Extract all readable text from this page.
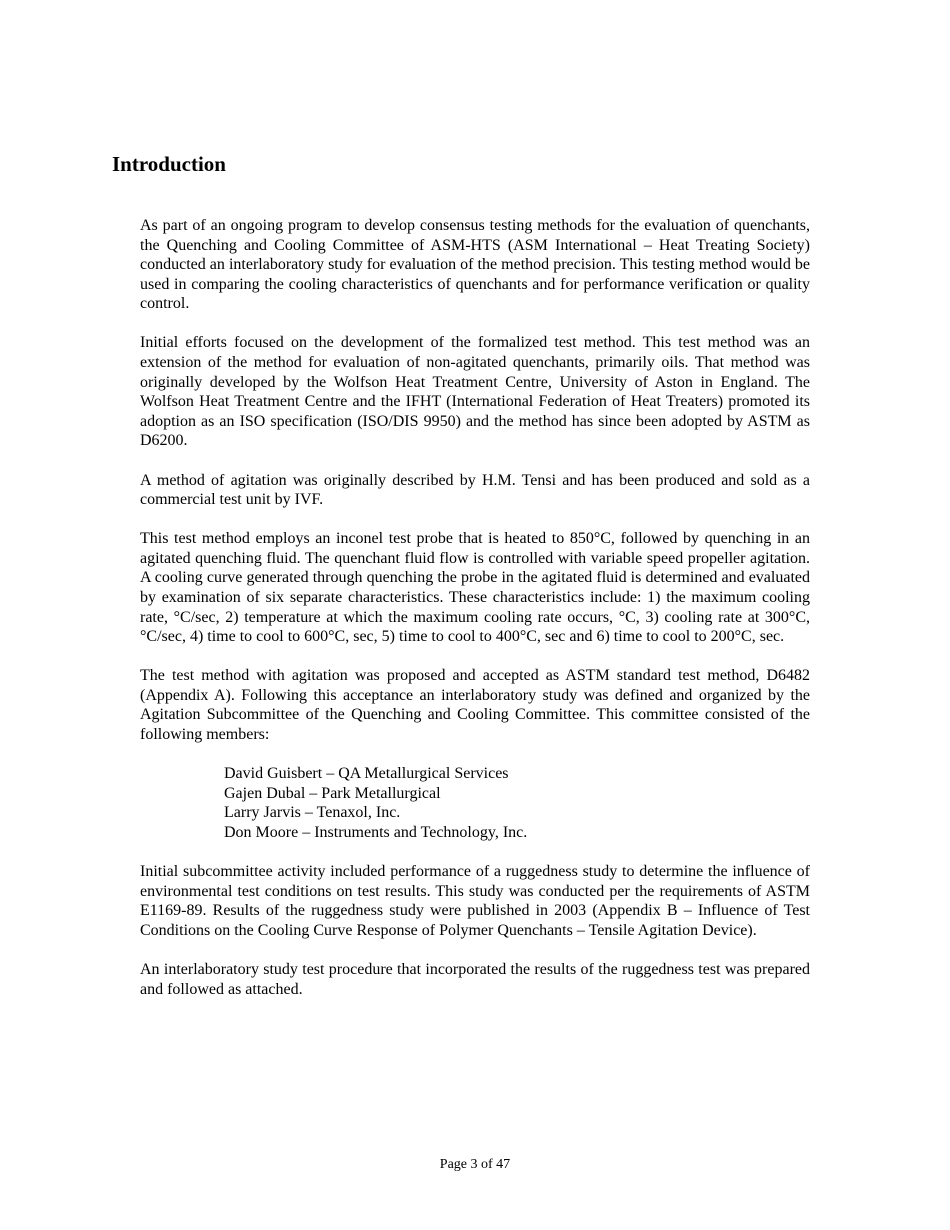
Introduction

As part of an ongoing program to develop consensus testing methods for the evaluation of quenchants, the Quenching and Cooling Committee of ASM-HTS (ASM International – Heat Treating Society) conducted an interlaboratory study for evaluation of the method precision. This testing method would be used in comparing the cooling characteristics of quenchants and for performance verification or quality control.

Initial efforts focused on the development of the formalized test method. This test method was an extension of the method for evaluation of non-agitated quenchants, primarily oils. That method was originally developed by the Wolfson Heat Treatment Centre, University of Aston in England. The Wolfson Heat Treatment Centre and the IFHT (International Federation of Heat Treaters) promoted its adoption as an ISO specification (ISO/DIS 9950) and the method has since been adopted by ASTM as D6200.

A method of agitation was originally described by H.M. Tensi and has been produced and sold as a commercial test unit by IVF.

This test method employs an inconel test probe that is heated to 850°C, followed by quenching in an agitated quenching fluid. The quenchant fluid flow is controlled with variable speed propeller agitation. A cooling curve generated through quenching the probe in the agitated fluid is determined and evaluated by examination of six separate characteristics. These characteristics include: 1) the maximum cooling rate, °C/sec, 2) temperature at which the maximum cooling rate occurs, °C, 3) cooling rate at 300°C, °C/sec, 4) time to cool to 600°C, sec, 5) time to cool to 400°C, sec and 6) time to cool to 200°C, sec.

The test method with agitation was proposed and accepted as ASTM standard test method, D6482 (Appendix A). Following this acceptance an interlaboratory study was defined and organized by the Agitation Subcommittee of the Quenching and Cooling Committee. This committee consisted of the following members:

David Guisbert – QA Metallurgical Services
Gajen Dubal – Park Metallurgical
Larry Jarvis – Tenaxol, Inc.
Don Moore – Instruments and Technology, Inc.

Initial subcommittee activity included performance of a ruggedness study to determine the influence of environmental test conditions on test results. This study was conducted per the requirements of ASTM E1169-89. Results of the ruggedness study were published in 2003 (Appendix B – Influence of Test Conditions on the Cooling Curve Response of Polymer Quenchants – Tensile Agitation Device).

An interlaboratory study test procedure that incorporated the results of the ruggedness test was prepared and followed as attached.

Page 3 of 47
